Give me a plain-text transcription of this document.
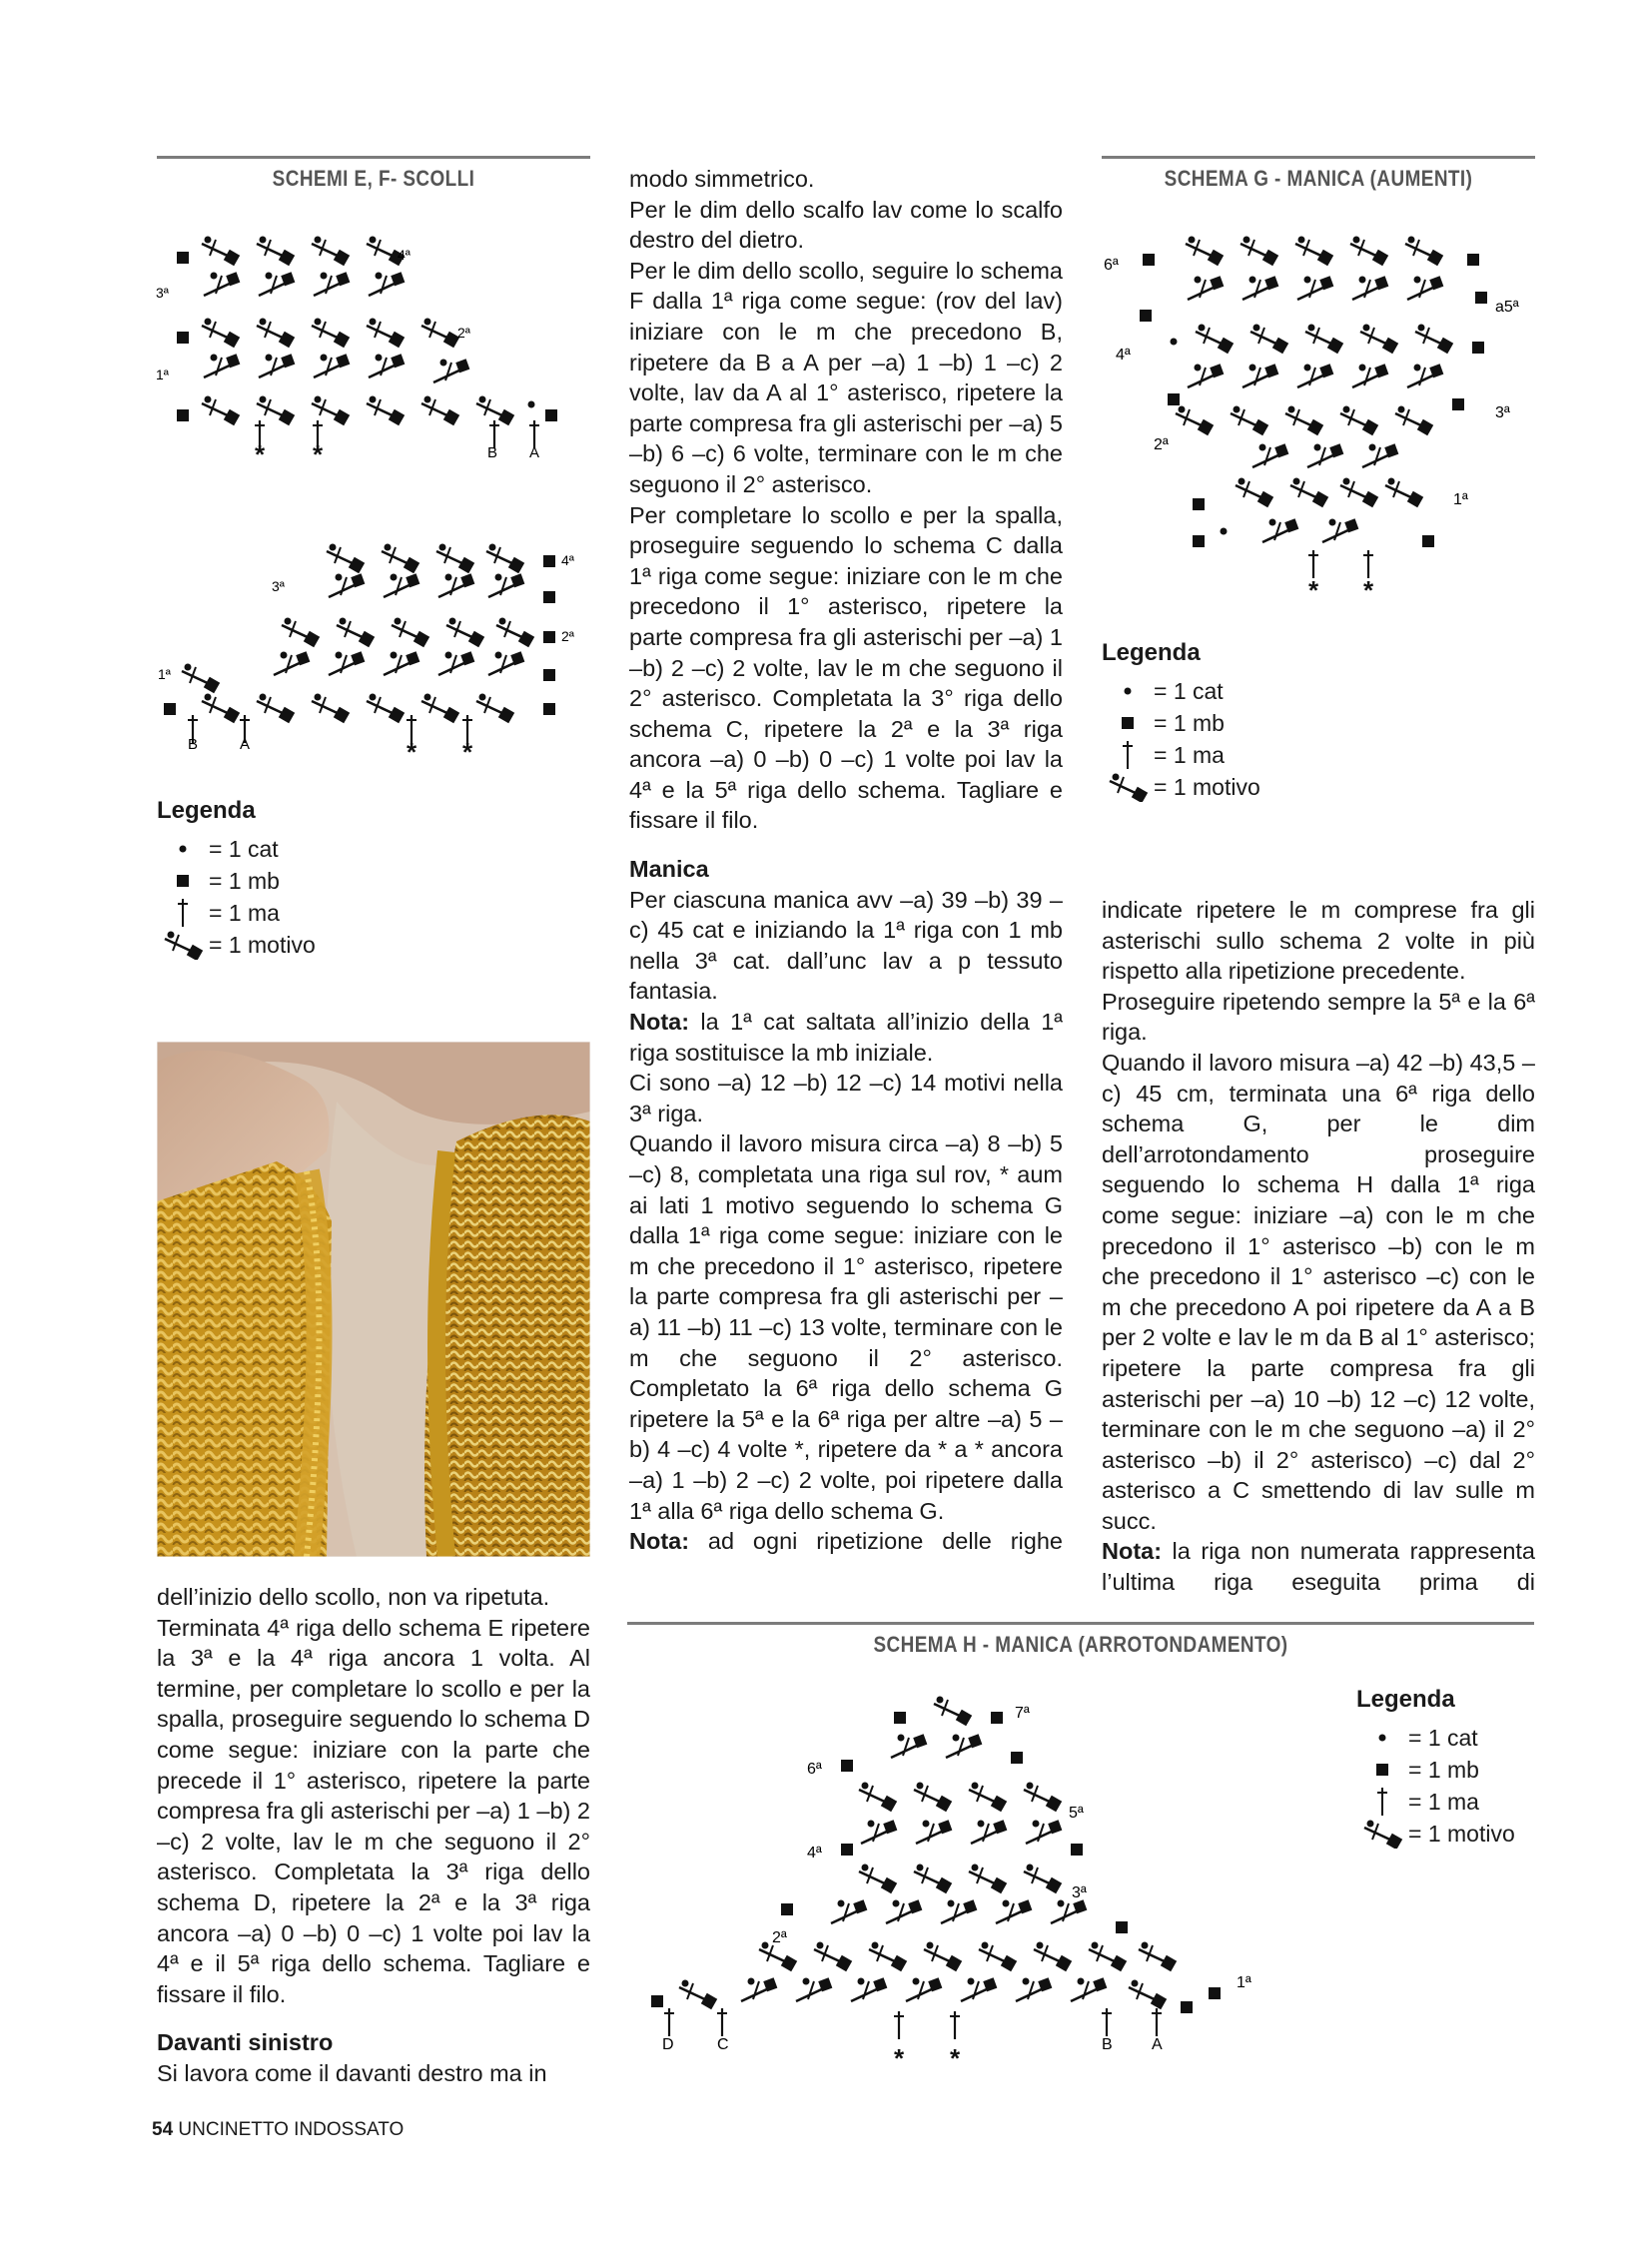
SCHEMI E, F- SCOLLI	SCHEMA G - MANICA (AUMENTI)
SCHEMA H - MANICA (ARROTONDAMENTO)
4ª
3ª
2ª
1ª
B A
4ª
3ª
2ª
1ª
B	A
Legenda
= 1 cat
= 1 mb
= 1 ma
= 1 motivo

dell’inizio dello scollo, non va ripetuta.

Terminata 4ª riga dello schema E ripetere la 3ª e la 4ª riga ancora 1 volta. Al termine, per completare lo scollo e per la spalla, proseguire seguendo lo schema D come segue: iniziare con la parte che precede il 1° asterisco, ripetere la parte compresa fra gli asterischi per –a) 1 –b) 2 –c) 2 volte, lav le m che seguono il 2° asterisco. Completata la 3ª riga dello schema D, ripetere la 2ª e la 3ª riga ancora –a) 0 –b) 0 –c) 1 volte poi lav la 4ª e il 5ª riga dello schema. Tagliare e fissare il filo.

Davanti sinistro

Si lavora come il davanti destro ma in

modo simmetrico.

Per le dim dello scalfo lav come lo scalfo destro del dietro.

Per le dim dello scollo, seguire lo schema F dalla 1ª riga come segue: (rov del lav) iniziare con le m che precedono B, ripetere da B a A per –a) 1 –b) 1 –c) 2 volte, lav da A al 1° asterisco, ripetere la parte compresa fra gli asterischi per –a) 5 –b) 6 –c) 6 volte, terminare con le m che seguono il 2° asterisco.

Per completare lo scollo e per la spalla, proseguire seguendo lo schema C dalla 1ª riga come segue: iniziare con le m che precedono il 1° asterisco, ripetere la parte compresa fra gli asterischi per –a) 1 –b) 2 –c) 2 volte, lav le m che seguono il 2° asterisco. Completata la 3° riga dello schema C, ripetere la 2ª e la 3ª riga ancora –a) 0 –b) 0 –c) 1 volte poi lav la 4ª e la 5ª riga dello schema. Tagliare e fissare il filo.

Manica

Per ciascuna manica avv –a) 39 –b) 39 –c) 45 cat e iniziando la 1ª riga con 1 mb nella 3ª cat. dall’unc lav a p tessuto fantasia.

Nota: la 1ª cat saltata all’inizio della 1ª riga sostituisce la mb iniziale.

Ci sono –a) 12 –b) 12 –c) 14 motivi nella 3ª riga.

Quando il lavoro misura circa –a) 8 –b) 5 –c) 8, completata una riga sul rov, * aum ai lati 1 motivo seguendo lo schema G dalla 1ª riga come segue: iniziare con le m che precedono il 1° asterisco, ripetere la parte compresa fra gli asterischi per –a) 11 –b) 11 –c) 13 volte, terminare con le m che seguono il 2° asterisco. Completato la 6ª riga dello schema G ripetere la 5ª e la 6ª riga per altre –a) 5 –b) 4 –c) 4 volte *, ripetere da * a * ancora –a) 1 –b) 2 –c) 2 volte, poi ripetere dalla 1ª alla 6ª riga dello schema G.

Nota: ad ogni ripetizione delle righe

6ª
a5ª
4ª
3ª
2ª
1ª
Legenda
= 1 cat
= 1 mb
= 1 ma
= 1 motivo

indicate ripetere le m comprese fra gli asterischi sullo schema 2 volte in più rispetto alla ripetizione precedente.

Proseguire ripetendo sempre la 5ª e la 6ª riga.

Quando il lavoro misura –a) 42 –b) 43,5 –c) 45 cm, terminata una 6ª riga dello schema G, per le dim dell’arrotondamento proseguire seguendo lo schema H dalla 1ª riga come segue: iniziare –a) con le m che precedono il 1° asterisco –b) con le m che precedono il 1° asterisco –c) con le m che precedono A poi ripetere da A a B per 2 volte e lav le m da B al 1° asterisco; ripetere la parte compresa fra gli asterischi per –a) 10 –b) 12 –c) 12 volte, terminare con le m che seguono –a) il 2° asterisco –b) il 2° asterisco) –c) dal 2° asterisco a C smettendo di lav sulle m succ.

Nota: la riga non numerata rappresenta l’ultima riga eseguita prima di

7ª
6ª
5ª
4ª
3ª
2ª
1ª
D	C	B A
Legenda
= 1 cat
= 1 mb
= 1 ma
= 1 motivo
54 UNCINETTO INDOSSATO
